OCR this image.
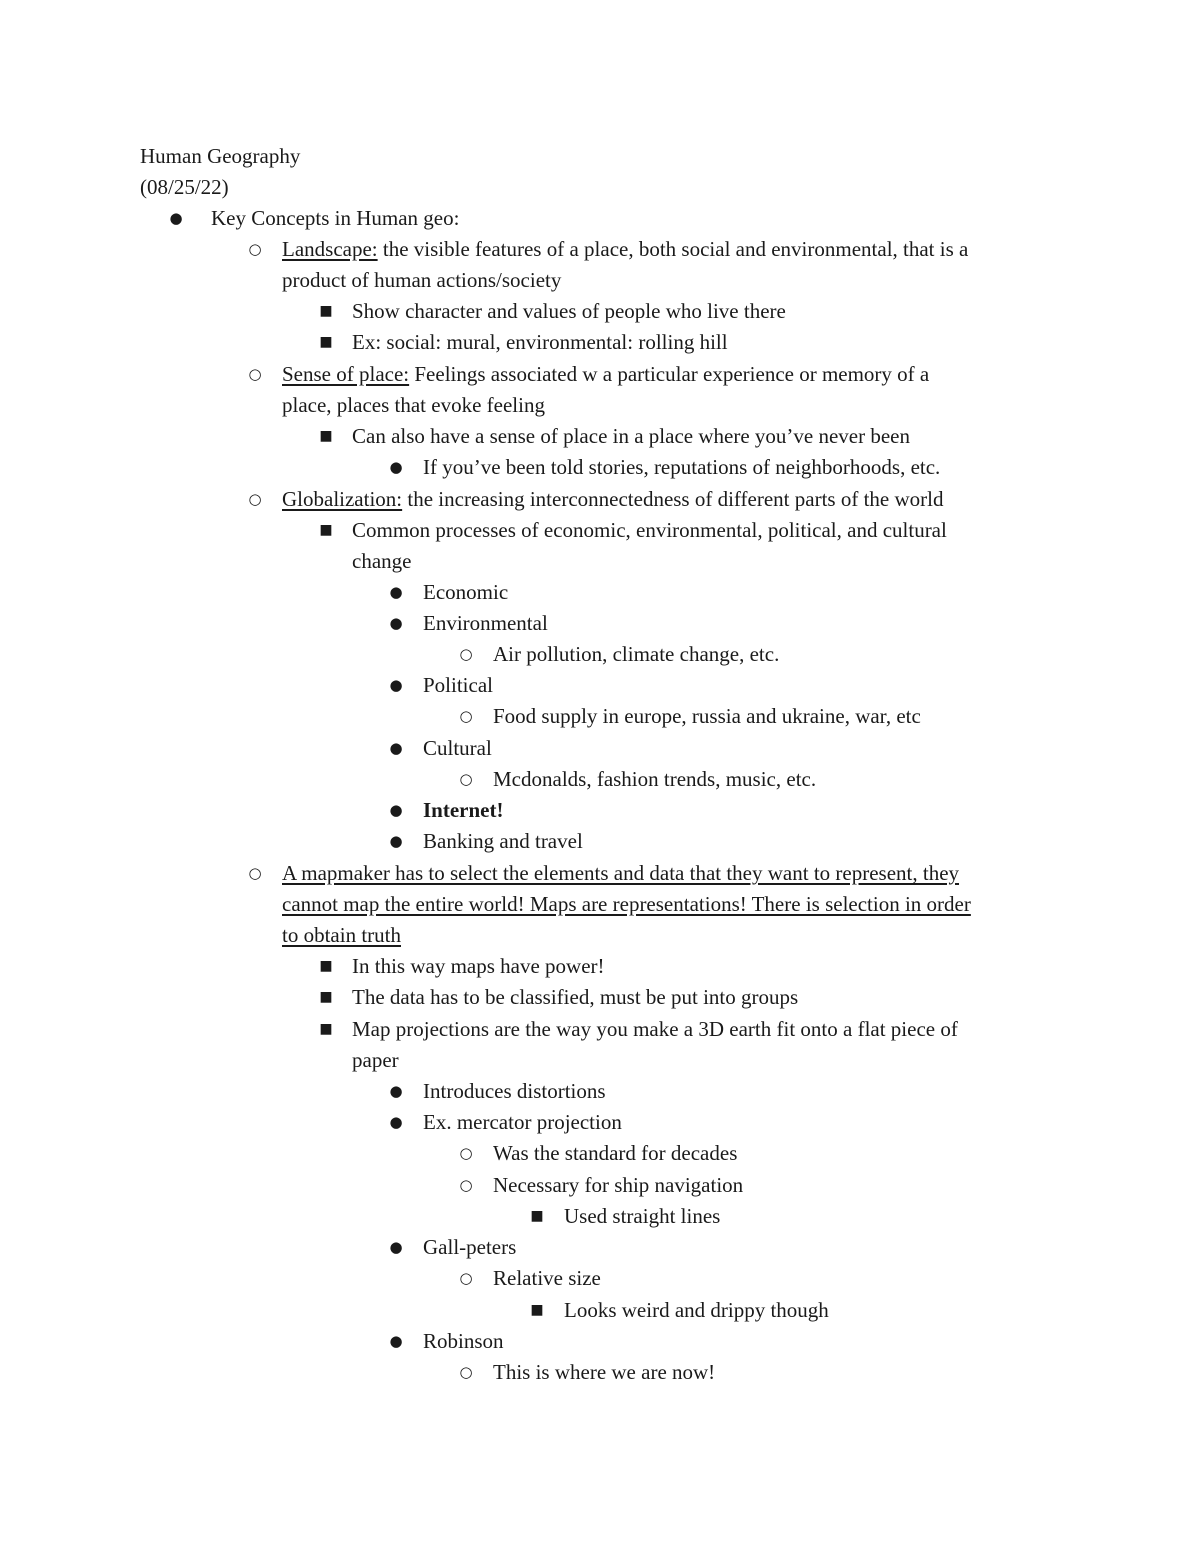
Human Geography
(08/25/22)
● Key Concepts in Human geo:
○ Landscape: the visible features of a place, both social and environmental, that is a
product of human actions/society
■ Show character and values of people who live there
■ Ex: social: mural, environmental: rolling hill
○ Sense of place: Feelings associated w a particular experience or memory of a
place, places that evoke feeling
■ Can also have a sense of place in a place where you’ve never been
● If you’ve been told stories, reputations of neighborhoods, etc.
○ Globalization: the increasing interconnectedness of different parts of the world
■ Common processes of economic, environmental, political, and cultural
change
● Economic
● Environmental
○ Air pollution, climate change, etc.
● Political
○ Food supply in europe, russia and ukraine, war, etc
● Cultural
○ Mcdonalds, fashion trends, music, etc.
● Internet!
● Banking and travel
○ A mapmaker has to select the elements and data that they want to represent, they
cannot map the entire world! Maps are representations! There is selection in order
to obtain truth
■ In this way maps have power!
■ The data has to be classified, must be put into groups
■ Map projections are the way you make a 3D earth fit onto a flat piece of
paper
● Introduces distortions
● Ex. mercator projection
○ Was the standard for decades
○ Necessary for ship navigation
■ Used straight lines
● Gall-peters
○ Relative size
■ Looks weird and drippy though
● Robinson
○ This is where we are now!
